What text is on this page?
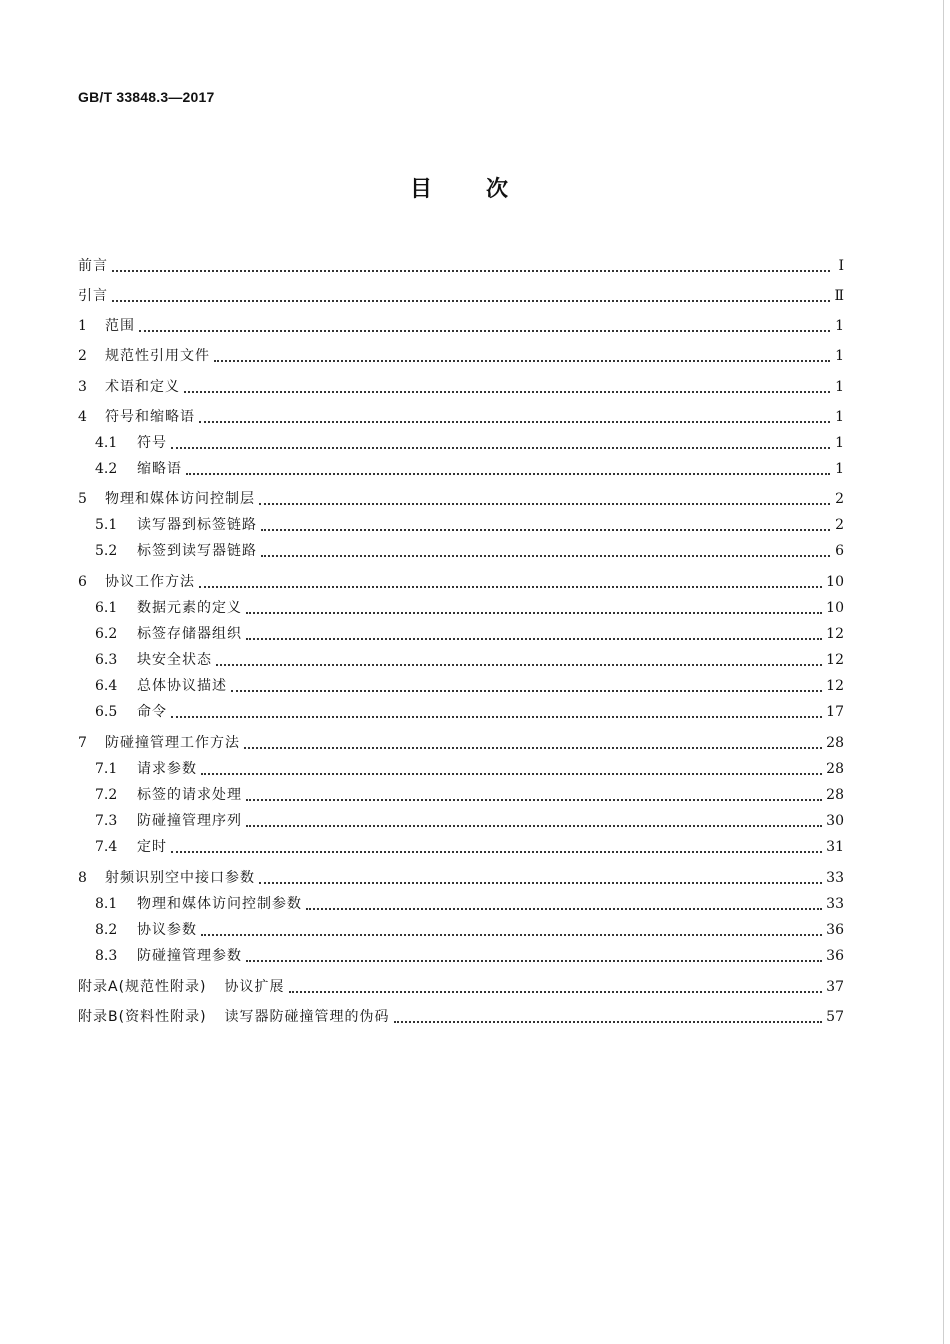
GB/T 33848.3—2017
目次
前言	Ⅰ
引言	Ⅱ
1	范围	1
2	规范性引用文件	1
3	术语和定义	1
4	符号和缩略语	1
4.1	符号	1
4.2	缩略语	1
5	物理和媒体访问控制层	2
5.1	读写器到标签链路	2
5.2	标签到读写器链路	6
6	协议工作方法	10
6.1	数据元素的定义	10
6.2	标签存储器组织	12
6.3	块安全状态	12
6.4	总体协议描述	12
6.5	命令	17
7	防碰撞管理工作方法	28
7.1	请求参数	28
7.2	标签的请求处理	28
7.3	防碰撞管理序列	30
7.4	定时	31
8	射频识别空中接口参数	33
8.1	物理和媒体访问控制参数	33
8.2	协议参数	36
8.3	防碰撞管理参数	36
附录A(规范性附录) 协议扩展	37
附录B(资料性附录) 读写器防碰撞管理的伪码	57
